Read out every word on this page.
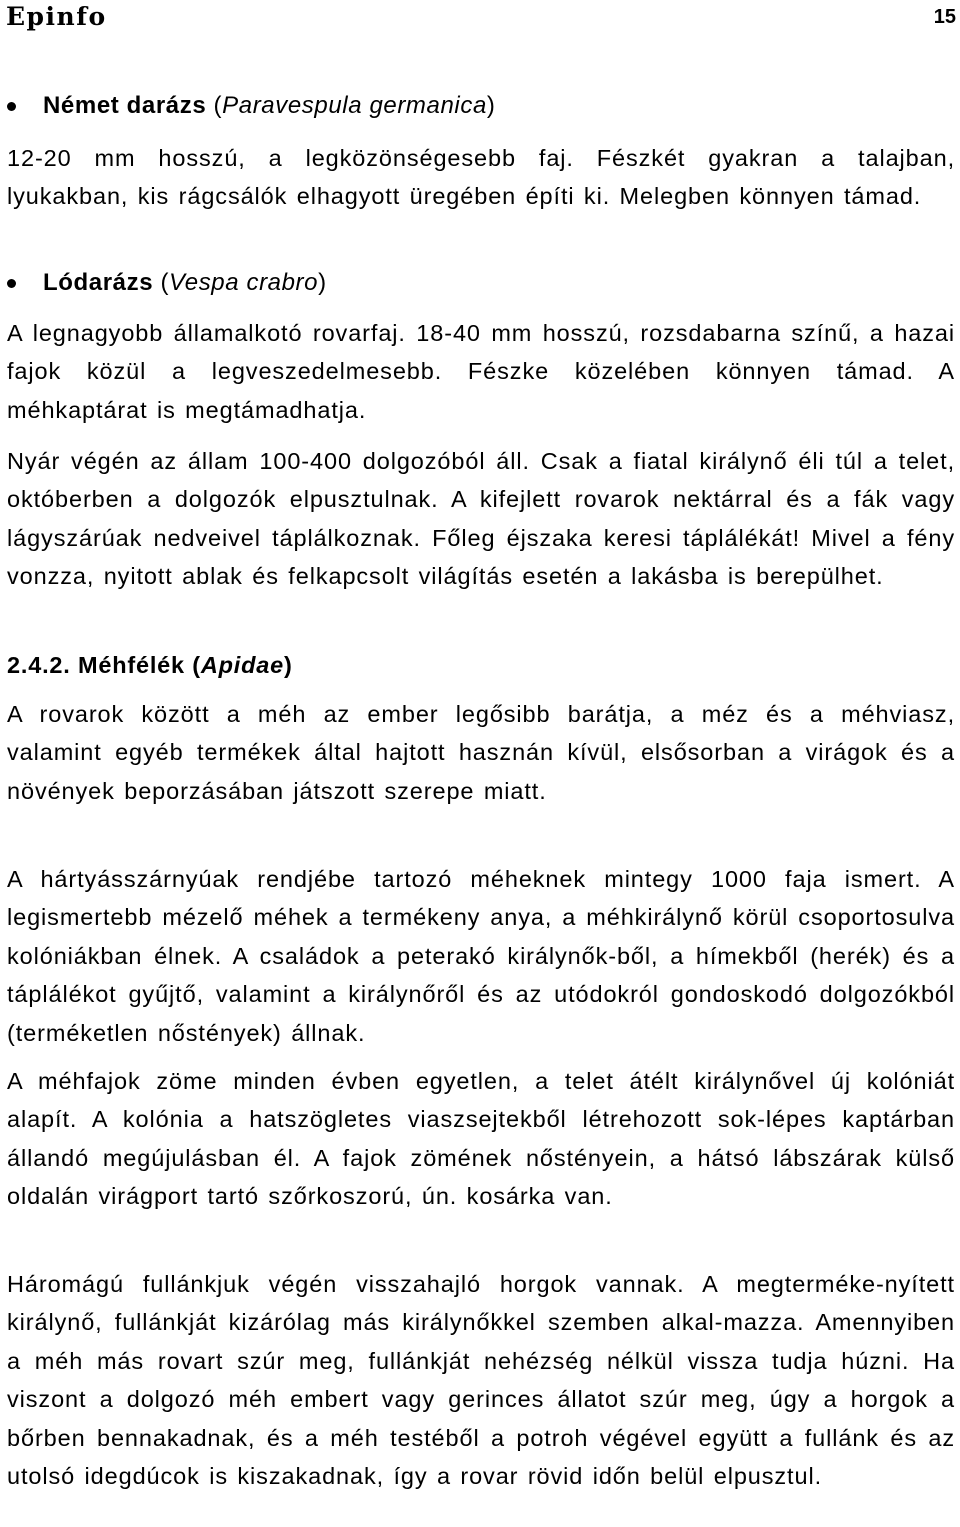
Epinfo	15
Német darázs (Paravespula germanica)
12-20 mm hosszú, a legközönségesebb faj. Fészkét gyakran a talajban, lyukakban, kis rágcsálók elhagyott üregében építi ki. Melegben könnyen támad.
Lódarázs (Vespa crabro)
A legnagyobb államalkotó rovarfaj. 18-40 mm hosszú, rozsdabarna színű, a hazai fajok közül a legveszedelmesebb. Fészke közelében könnyen támad. A méhkaptárat is megtámadhatja.
Nyár végén az állam 100-400 dolgozóból áll. Csak a fiatal királynő éli túl a telet, októberben a dolgozók elpusztulnak. A kifejlett rovarok nektárral és a fák vagy lágyszárúak nedveivel táplálkoznak. Főleg éjszaka keresi táplálékát! Mivel a fény vonzza, nyitott ablak és felkapcsolt világítás esetén a lakásba is berepülhet.
2.4.2. Méhfélék (Apidae)
A rovarok között a méh az ember legősibb barátja, a méz és a méhviasz, valamint egyéb termékek által hajtott hasznán kívül, elsősorban a virágok és a növények beporzásában játszott szerepe miatt.
A hártyásszárnyúak rendjébe tartozó méheknek mintegy 1000 faja ismert. A legismertebb mézelő méhek a termékeny anya, a méhkirálynő körül csoportosulva kolóniákban élnek. A családok a peterakó királynők-ből, a hímekből (herék) és a táplálékot gyűjtő, valamint a királynőről és az utódokról gondoskodó dolgozókból (terméketlen nőstények) állnak.
A méhfajok zöme minden évben egyetlen, a telet átélt királynővel új kolóniát alapít. A kolónia a hatszögletes viaszsejtekből létrehozott sok-lépes kaptárban állandó megújulásban él. A fajok zömének nőstényein, a hátsó lábszárak külső oldalán virágport tartó szőrkoszorú, ún. kosárka van.
Háromágú fullánkjuk végén visszahajló horgok vannak. A megterméke-nyített királynő, fullánkját kizárólag más királynőkkel szemben alkal-mazza. Amennyiben a méh más rovart szúr meg, fullánkját nehézség nélkül vissza tudja húzni. Ha viszont a dolgozó méh embert vagy gerinces állatot szúr meg, úgy a horgok a bőrben bennakadnak, és a méh testéből a potroh végével együtt a fullánk és az utolsó idegdúcok is kiszakadnak, így a rovar rövid időn belül elpusztul.
